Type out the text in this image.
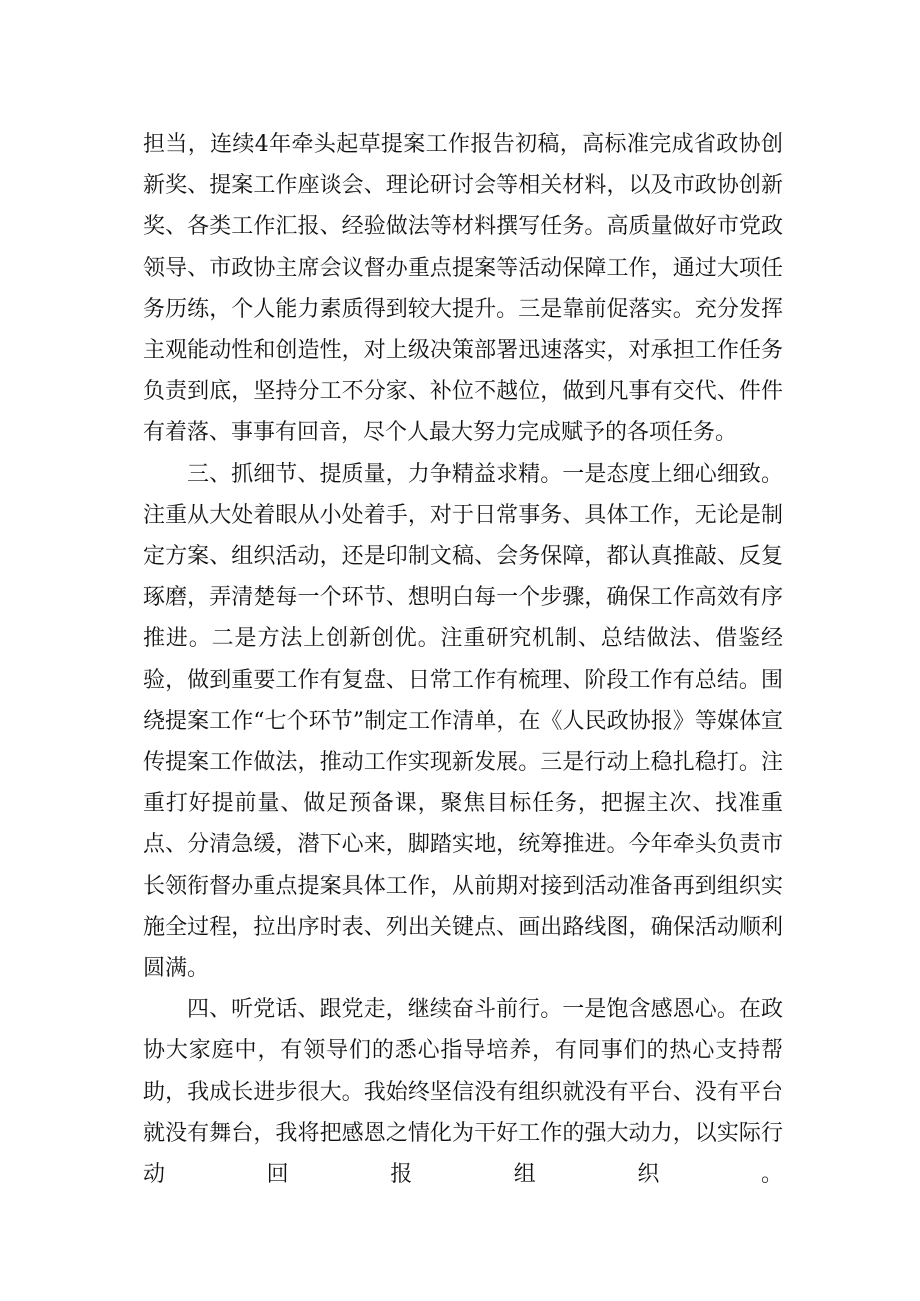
担当，连续4年牵头起草提案工作报告初稿，高标准完成省政协创新奖、提案工作座谈会、理论研讨会等相关材料，以及市政协创新奖、各类工作汇报、经验做法等材料撰写任务。高质量做好市党政领导、市政协主席会议督办重点提案等活动保障工作，通过大项任务历练，个人能力素质得到较大提升。三是靠前促落实。充分发挥主观能动性和创造性，对上级决策部署迅速落实，对承担工作任务负责到底，坚持分工不分家、补位不越位，做到凡事有交代、件件有着落、事事有回音，尽个人最大努力完成赋予的各项任务。

三、抓细节、提质量，力争精益求精。一是态度上细心细致。注重从大处着眼从小处着手，对于日常事务、具体工作，无论是制定方案、组织活动，还是印制文稿、会务保障，都认真推敲、反复琢磨，弄清楚每一个环节、想明白每一个步骤，确保工作高效有序推进。二是方法上创新创优。注重研究机制、总结做法、借鉴经验，做到重要工作有复盘、日常工作有梳理、阶段工作有总结。围绕提案工作“七个环节”制定工作清单，在《人民政协报》等媒体宣传提案工作做法，推动工作实现新发展。三是行动上稳扎稳打。注重打好提前量、做足预备课，聚焦目标任务，把握主次、找准重点、分清急缓，潜下心来，脚踏实地，统筹推进。今年牵头负责市长领衔督办重点提案具体工作，从前期对接到活动准备再到组织实施全过程，拉出序时表、列出关键点、画出路线图，确保活动顺利圆满。

四、听党话、跟党走，继续奋斗前行。一是饱含感恩心。在政协大家庭中，有领导们的悉心指导培养，有同事们的热心支持帮助，我成长进步很大。我始终坚信没有组织就没有平台、没有平台就没有舞台，我将把感恩之情化为干好工作的强大动力，以实际行动回报组织。
